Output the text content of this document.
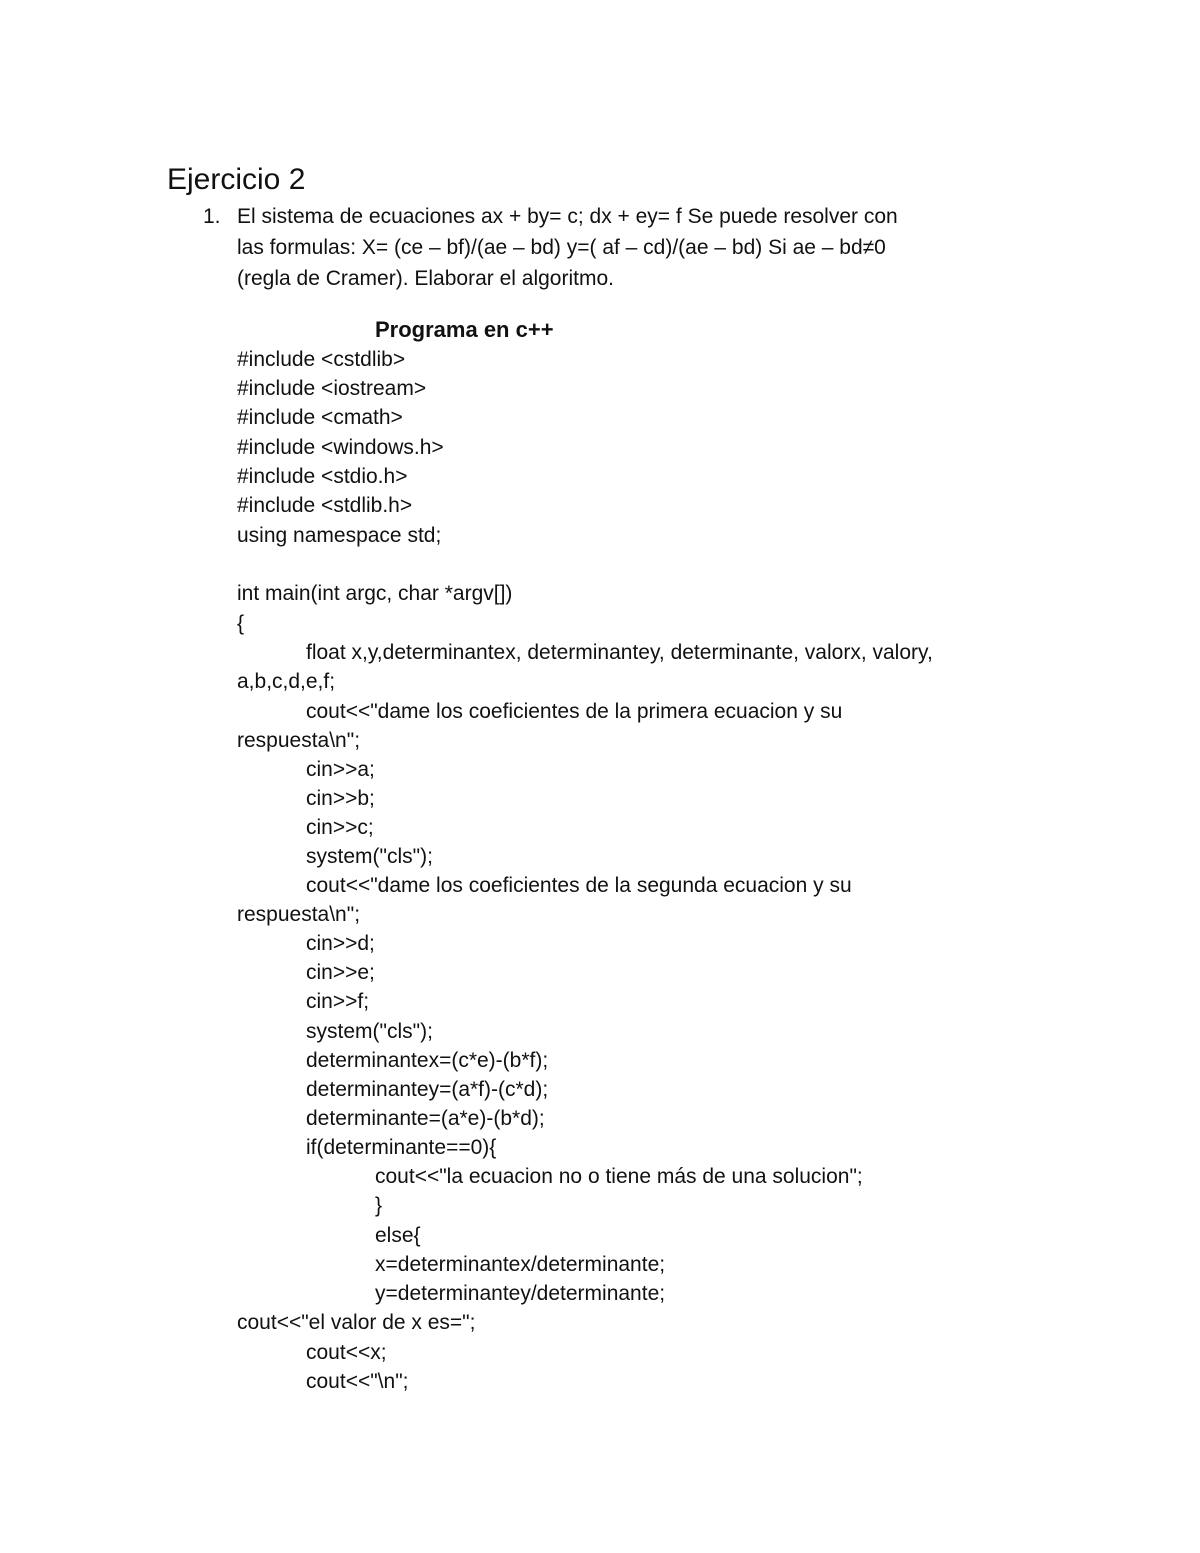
Ejercicio 2
1. El sistema de ecuaciones ax + by= c; dx + ey= f Se puede resolver con
las formulas: X= (ce – bf)/(ae – bd) y=( af – cd)/(ae – bd) Si ae – bd≠0
(regla de Cramer). Elaborar el algoritmo.
Programa en c++
#include <cstdlib>
#include <iostream>
#include <cmath>
#include <windows.h>
#include <stdio.h>
#include <stdlib.h>
using namespace std;
int main(int argc, char *argv[])
{
float x,y,determinantex, determinantey, determinante, valorx, valory,
a,b,c,d,e,f;
cout<<"dame los coeficientes de la primera ecuacion y su
respuesta\n";
cin>>a;
cin>>b;
cin>>c;
system("cls");
cout<<"dame los coeficientes de la segunda ecuacion y su
respuesta\n";
cin>>d;
cin>>e;
cin>>f;
system("cls");
determinantex=(c*e)-(b*f);
determinantey=(a*f)-(c*d);
determinante=(a*e)-(b*d);
if(determinante==0){
cout<<"la ecuacion no o tiene más de una solucion";
}
else{
x=determinantex/determinante;
y=determinantey/determinante;
cout<<"el valor de x es=";
cout<<x;
cout<<"\n";
